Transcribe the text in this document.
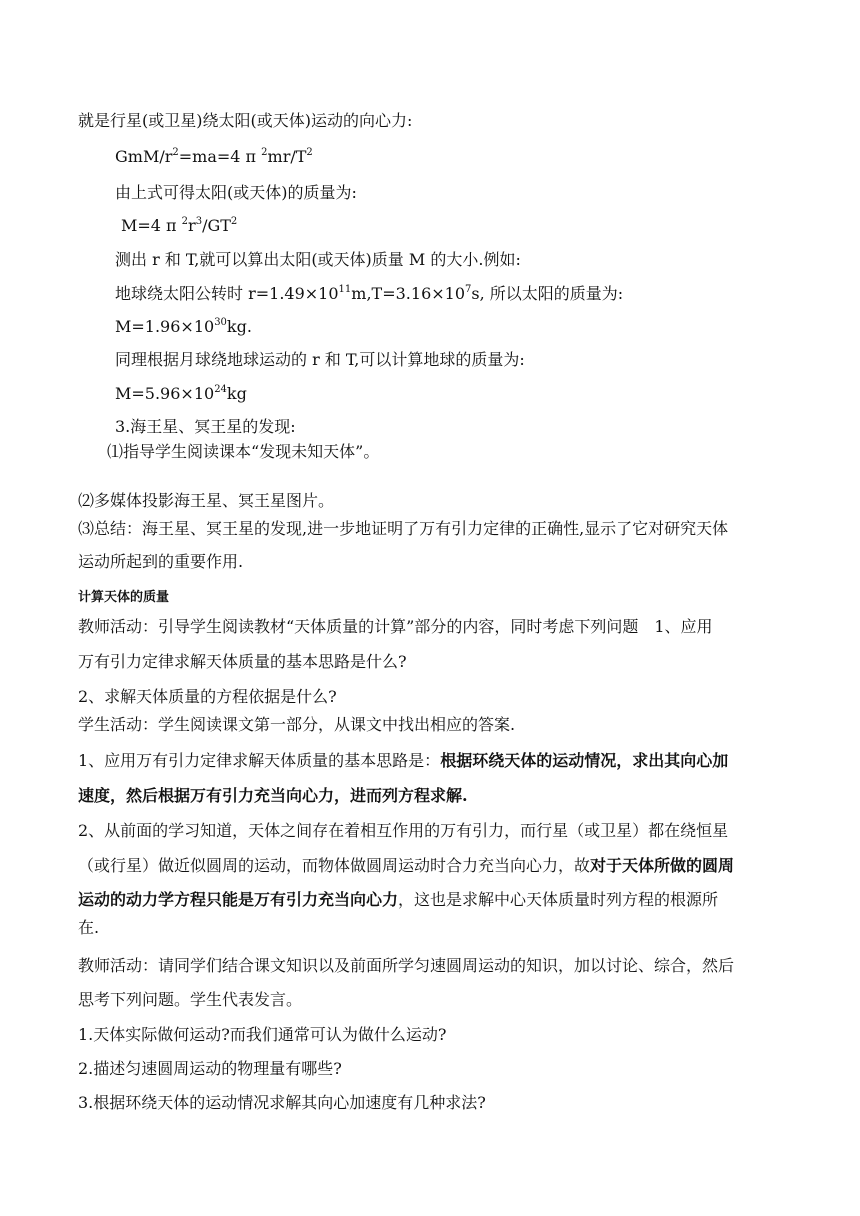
就是行星(或卫星)绕太阳(或天体)运动的向心力:
GmM/$r^2=ma=4$ π $^2mr/T^2$
由上式可得太阳(或天体)的质量为:
M=4 π $^2r^3/GT^2$
测出 r 和 T,就可以算出太阳(或天体)质量 M 的大小.例如:
地球绕太阳公转时 $r=1.49\times 10^{11}m,T=3.16\times 10^7s$, 所以太阳的质量为:
$M=1.96\times 10^{30}kg$.
同理根据月球绕地球运动的 r 和 T,可以计算地球的质量为:
$M=5.96\times 10^{24}kg$
3.海王星、冥王星的发现:
⑴指导学生阅读课本“发现未知天体”。
⑵多媒体投影海王星、冥王星图片。
⑶总结：海王星、冥王星的发现,进一步地证明了万有引力定律的正确性,显示了它对研究天体
运动所起到的重要作用.
计算天体的质量
教师活动：引导学生阅读教材“天体质量的计算”部分的内容，同时考虑下列问题　1、应用
万有引力定律求解天体质量的基本思路是什么?
2、求解天体质量的方程依据是什么?
学生活动：学生阅读课文第一部分，从课文中找出相应的答案.
1、应用万有引力定律求解天体质量的基本思路是：根据环绕天体的运动情况，求出其向心加
速度，然后根据万有引力充当向心力，进而列方程求解.
2、从前面的学习知道，天体之间存在着相互作用的万有引力，而行星（或卫星）都在绕恒星
（或行星）做近似圆周的运动，而物体做圆周运动时合力充当向心力，故对于天体所做的圆周
运动的动力学方程只能是万有引力充当向心力，这也是求解中心天体质量时列方程的根源所
在.
教师活动：请同学们结合课文知识以及前面所学匀速圆周运动的知识，加以讨论、综合，然后
思考下列问题。学生代表发言。
1.天体实际做何运动?而我们通常可认为做什么运动?
2.描述匀速圆周运动的物理量有哪些?
3.根据环绕天体的运动情况求解其向心加速度有几种求法?
